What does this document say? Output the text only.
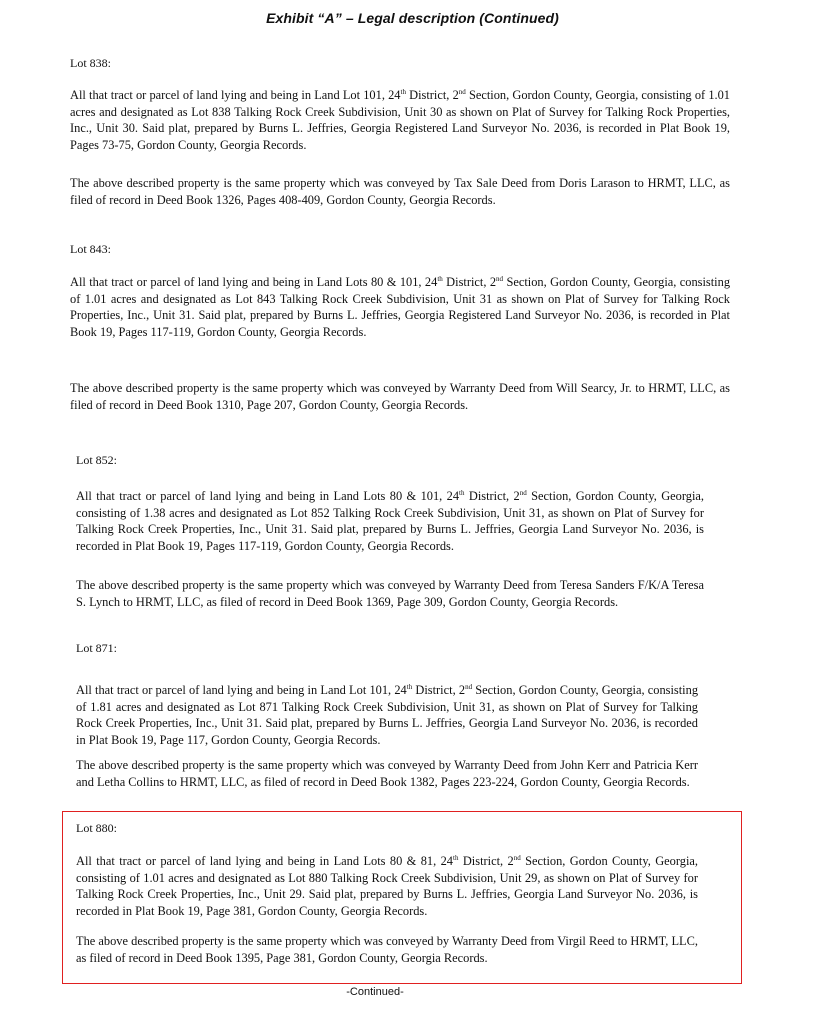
Exhibit “A” – Legal description (Continued)
Lot 838:

All that tract or parcel of land lying and being in Land Lot 101, 24th District, 2nd Section, Gordon County, Georgia, consisting of 1.01 acres and designated as Lot 838 Talking Rock Creek Subdivision, Unit 30 as shown on Plat of Survey for Talking Rock Properties, Inc., Unit 30. Said plat, prepared by Burns L. Jeffries, Georgia Registered Land Surveyor No. 2036, is recorded in Plat Book 19, Pages 73-75, Gordon County, Georgia Records.

The above described property is the same property which was conveyed by Tax Sale Deed from Doris Larason to HRMT, LLC, as filed of record in Deed Book 1326, Pages 408-409, Gordon County, Georgia Records.

Lot 843:

All that tract or parcel of land lying and being in Land Lots 80 & 101, 24th District, 2nd Section, Gordon County, Georgia, consisting of 1.01 acres and designated as Lot 843 Talking Rock Creek Subdivision, Unit 31 as shown on Plat of Survey for Talking Rock Properties, Inc., Unit 31. Said plat, prepared by Burns L. Jeffries, Georgia Registered Land Surveyor No. 2036, is recorded in Plat Book 19, Pages 117-119, Gordon County, Georgia Records.

The above described property is the same property which was conveyed by Warranty Deed from Will Searcy, Jr. to HRMT, LLC, as filed of record in Deed Book 1310, Page 207, Gordon County, Georgia Records.

Lot 852:

All that tract or parcel of land lying and being in Land Lots 80 & 101, 24th District, 2nd Section, Gordon County, Georgia, consisting of 1.38 acres and designated as Lot 852 Talking Rock Creek Subdivision, Unit 31, as shown on Plat of Survey for Talking Rock Creek Properties, Inc., Unit 31. Said plat, prepared by Burns L. Jeffries, Georgia Land Surveyor No. 2036, is recorded in Plat Book 19, Pages 117-119, Gordon County, Georgia Records.

The above described property is the same property which was conveyed by Warranty Deed from Teresa Sanders F/K/A Teresa S. Lynch to HRMT, LLC, as filed of record in Deed Book 1369, Page 309, Gordon County, Georgia Records.

Lot 871:

All that tract or parcel of land lying and being in Land Lot 101, 24th District, 2nd Section, Gordon County, Georgia, consisting of 1.81 acres and designated as Lot 871 Talking Rock Creek Subdivision, Unit 31, as shown on Plat of Survey for Talking Rock Creek Properties, Inc., Unit 31. Said plat, prepared by Burns L. Jeffries, Georgia Land Surveyor No. 2036, is recorded in Plat Book 19, Page 117, Gordon County, Georgia Records.

The above described property is the same property which was conveyed by Warranty Deed from John Kerr and Patricia Kerr and Letha Collins to HRMT, LLC, as filed of record in Deed Book 1382, Pages 223-224, Gordon County, Georgia Records.

Lot 880:

All that tract or parcel of land lying and being in Land Lots 80 & 81, 24th District, 2nd Section, Gordon County, Georgia, consisting of 1.01 acres and designated as Lot 880 Talking Rock Creek Subdivision, Unit 29, as shown on Plat of Survey for Talking Rock Creek Properties, Inc., Unit 29. Said plat, prepared by Burns L. Jeffries, Georgia Land Surveyor No. 2036, is recorded in Plat Book 19, Page 381, Gordon County, Georgia Records.

The above described property is the same property which was conveyed by Warranty Deed from Virgil Reed to HRMT, LLC, as filed of record in Deed Book 1395, Page 381, Gordon County, Georgia Records.

-Continued-
